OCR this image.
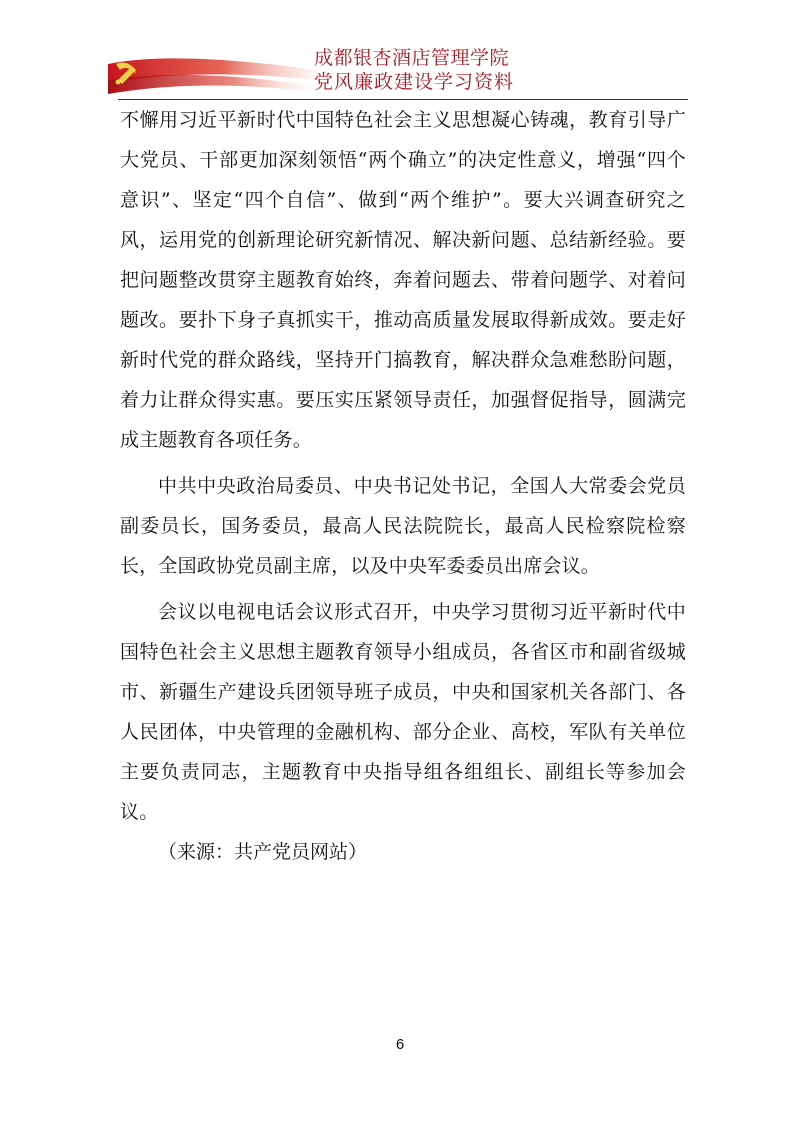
成都银杏酒店管理学院
党风廉政建设学习资料

不懈用习近平新时代中国特色社会主义思想凝心铸魂，教育引导广大党员、干部更加深刻领悟“两个确立”的决定性意义，增强“四个意识”、坚定“四个自信”、做到“两个维护”。要大兴调查研究之风，运用党的创新理论研究新情况、解决新问题、总结新经验。要把问题整改贯穿主题教育始终，奔着问题去、带着问题学、对着问题改。要扑下身子真抓实干，推动高质量发展取得新成效。要走好新时代党的群众路线，坚持开门搞教育，解决群众急难愁盼问题，着力让群众得实惠。要压实压紧领导责任，加强督促指导，圆满完成主题教育各项任务。

中共中央政治局委员、中央书记处书记，全国人大常委会党员副委员长，国务委员，最高人民法院院长，最高人民检察院检察长，全国政协党员副主席，以及中央军委委员出席会议。

会议以电视电话会议形式召开，中央学习贯彻习近平新时代中国特色社会主义思想主题教育领导小组成员，各省区市和副省级城市、新疆生产建设兵团领导班子成员，中央和国家机关各部门、各人民团体，中央管理的金融机构、部分企业、高校，军队有关单位主要负责同志，主题教育中央指导组各组组长、副组长等参加会议。

（来源：共产党员网站）

6
